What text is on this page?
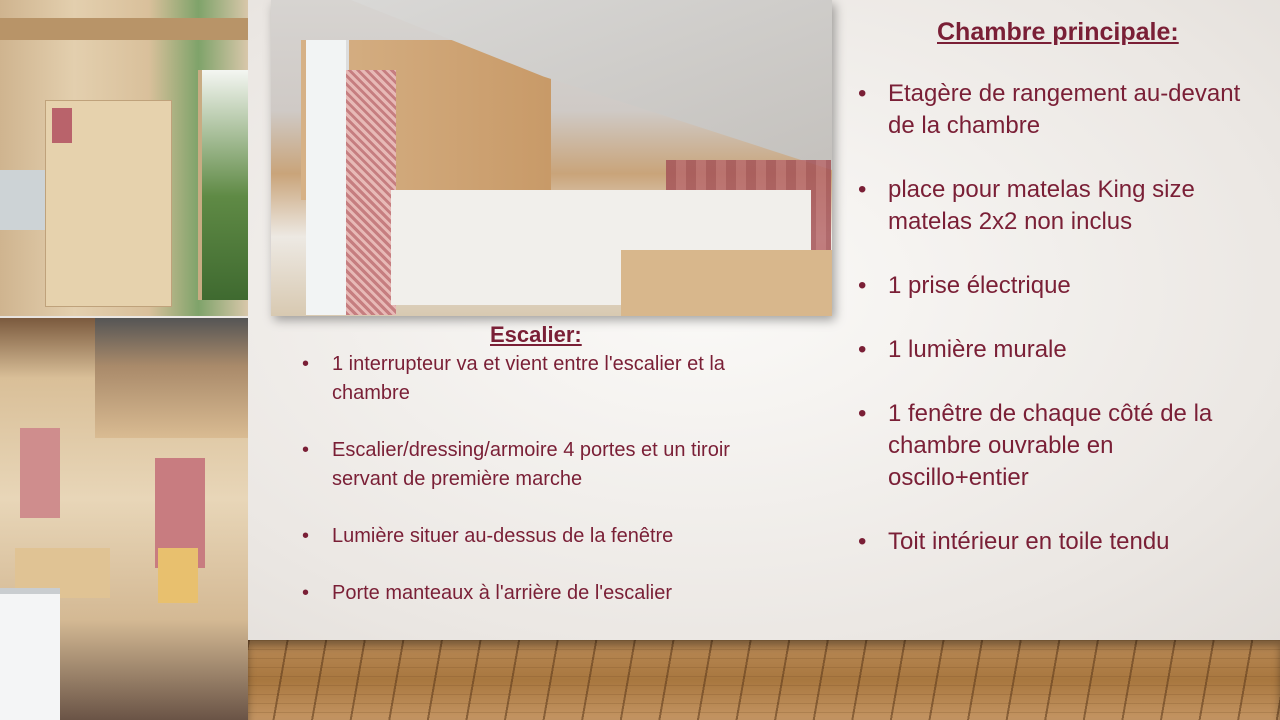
Chambre principale:
• Etagère de rangement au-devant de la chambre
• place pour matelas King size matelas 2x2 non inclus
• 1 prise électrique
• 1 lumière murale
• 1 fenêtre de chaque côté de la chambre ouvrable en oscillo+entier
• Toit intérieur en toile tendu
Escalier:
• 1 interrupteur va et vient entre l'escalier et la chambre
• Escalier/dressing/armoire 4 portes et un tiroir servant de première marche
• Lumière situer au-dessus de la fenêtre
• Porte manteaux à l'arrière de l'escalier
